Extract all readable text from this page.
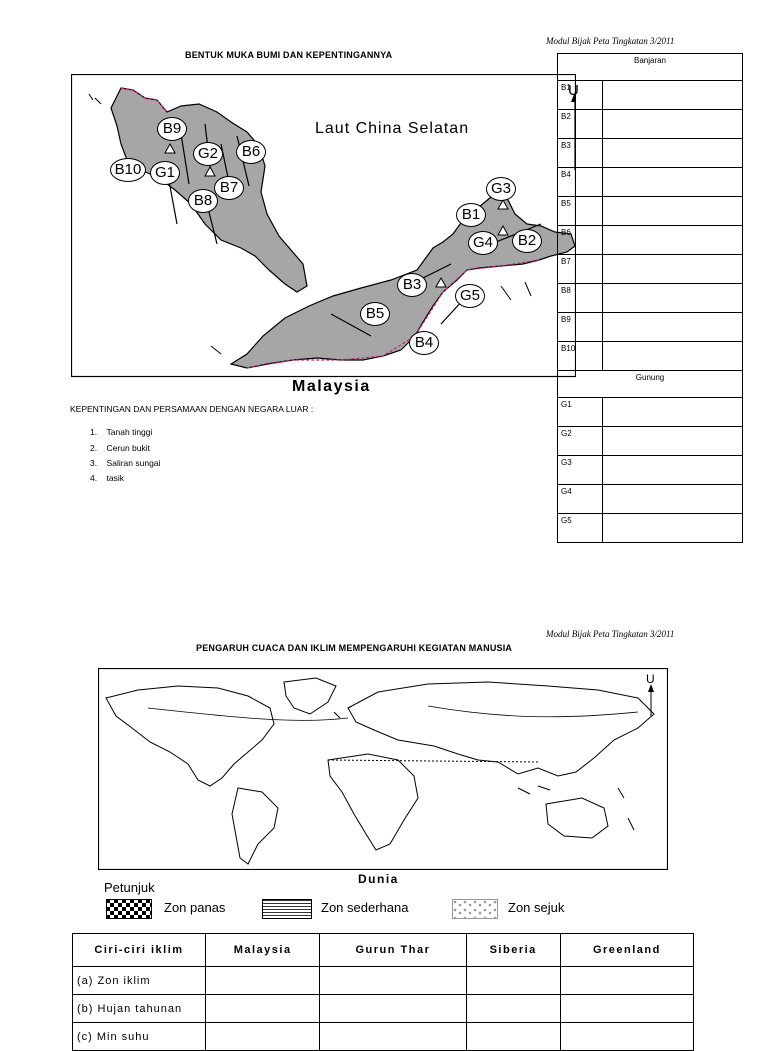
Modul Bijak Peta Tingkatan 3/2011
BENTUK MUKA BUMI DAN KEPENTINGANNYA
B9
G2	B6
B10 G1
B7
B8
G3
B1
G4	B2
B3
G5
B5
B4
Laut China Selatan
Malaysia
Banjaran	
B1	
B2	
B3	
B4	
B5	
B6	
B7	
B8	
B9	
B10	
Gunung	
G1	
G2	
G3	
G4	
G5	
U
KEPENTINGAN DAN PERSAMAAN DENGAN NEGARA LUAR :
1.    Tanah tinggi
2.    Cerun bukit
3.    Saliran sungai
4.    tasik
Modul Bijak Peta Tingkatan 3/2011
PENGARUH CUACA DAN IKLIM MEMPENGARUHI KEGIATAN MANUSIA
U
Dunia
Petunjuk
Zon panas	Zon sederhana	Zon sejuk
Ciri-ciri iklim	Malaysia	Gurun Thar	Siberia	Greenland
(a) Zon iklim				
(b) Hujan tahunan				
(c) Min suhu				
